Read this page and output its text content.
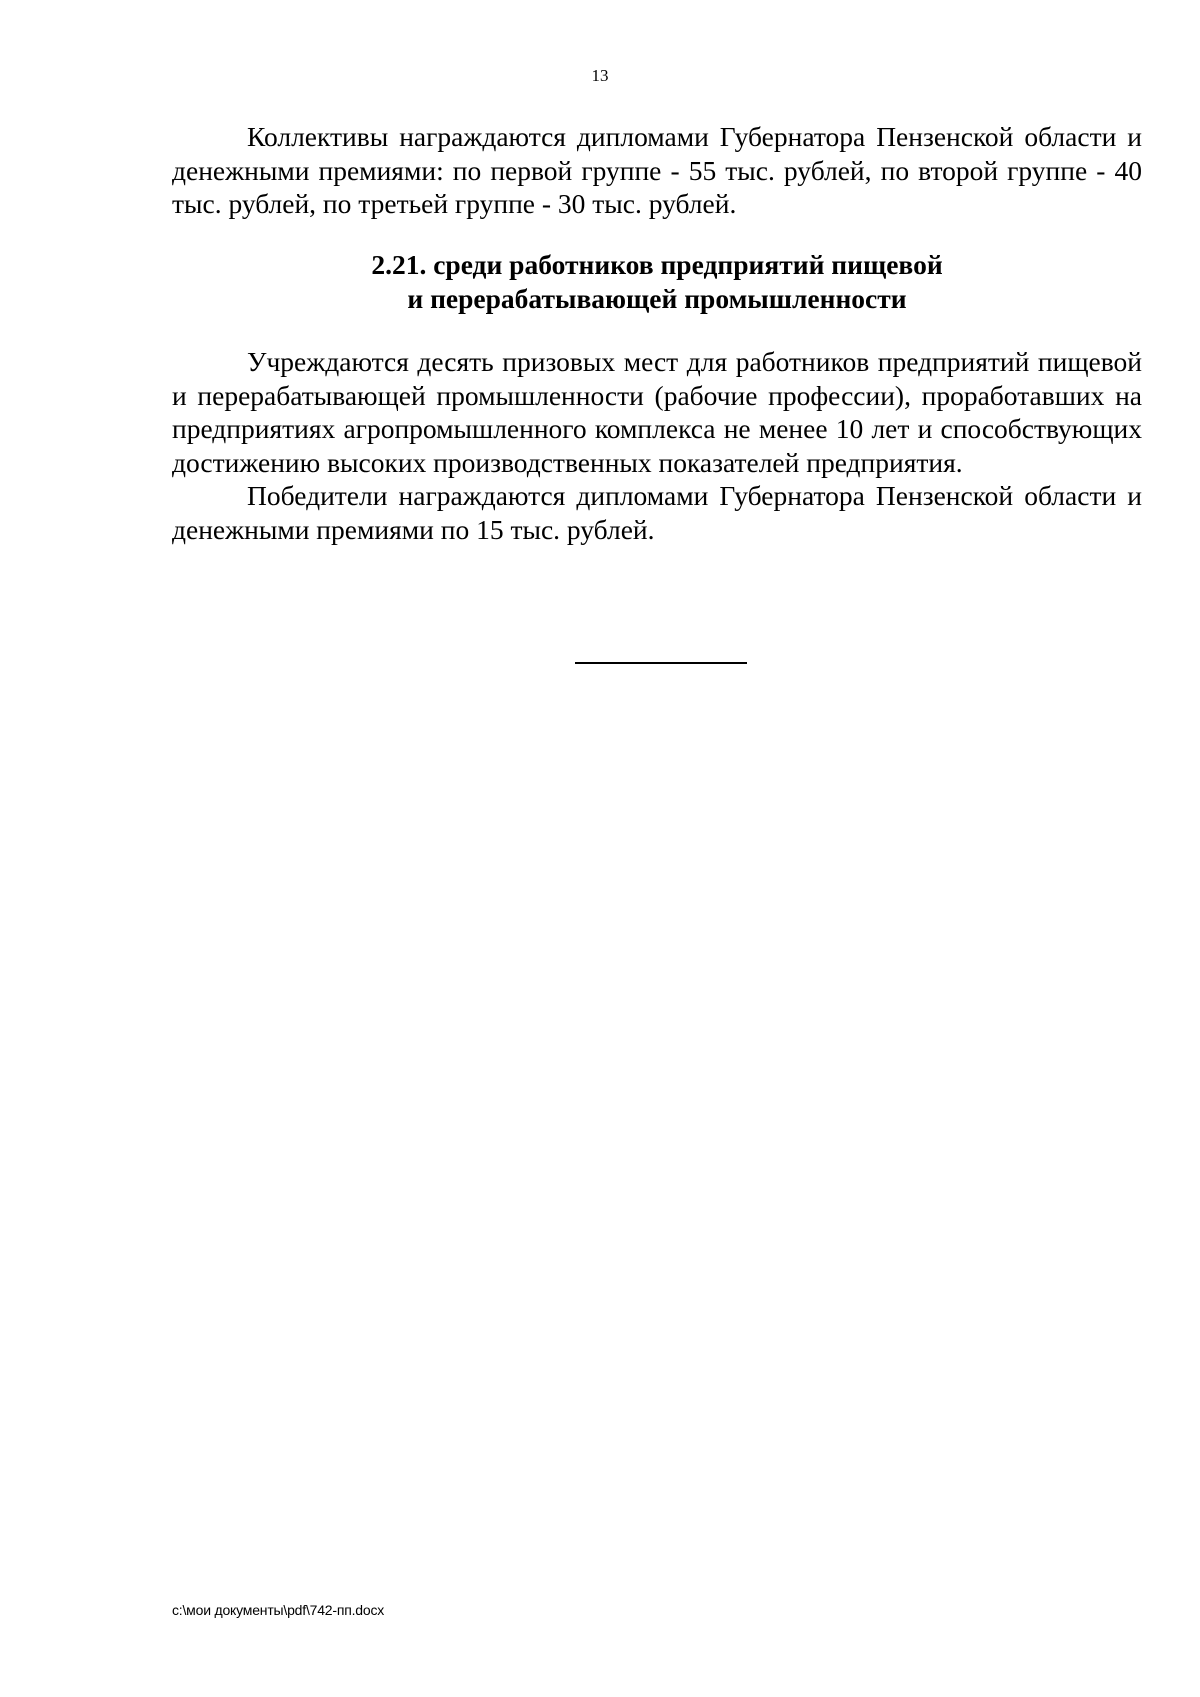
13

Коллективы награждаются дипломами Губернатора Пензенской области и денежными премиями: по первой группе - 55 тыс. рублей, по второй группе - 40 тыс. рублей, по третьей группе - 30 тыс. рублей.

2.21. среди работников предприятий пищевой
и перерабатывающей промышленности

Учреждаются десять призовых мест для работников предприятий пищевой и перерабатывающей промышленности (рабочие профессии), проработавших на предприятиях агропромышленного комплекса не менее 10 лет и способствующих достижению высоких производственных показателей предприятия.

Победители награждаются дипломами Губернатора Пензенской области и денежными премиями по 15 тыс. рублей.

c:\мои документы\pdf\742-пп.docx
